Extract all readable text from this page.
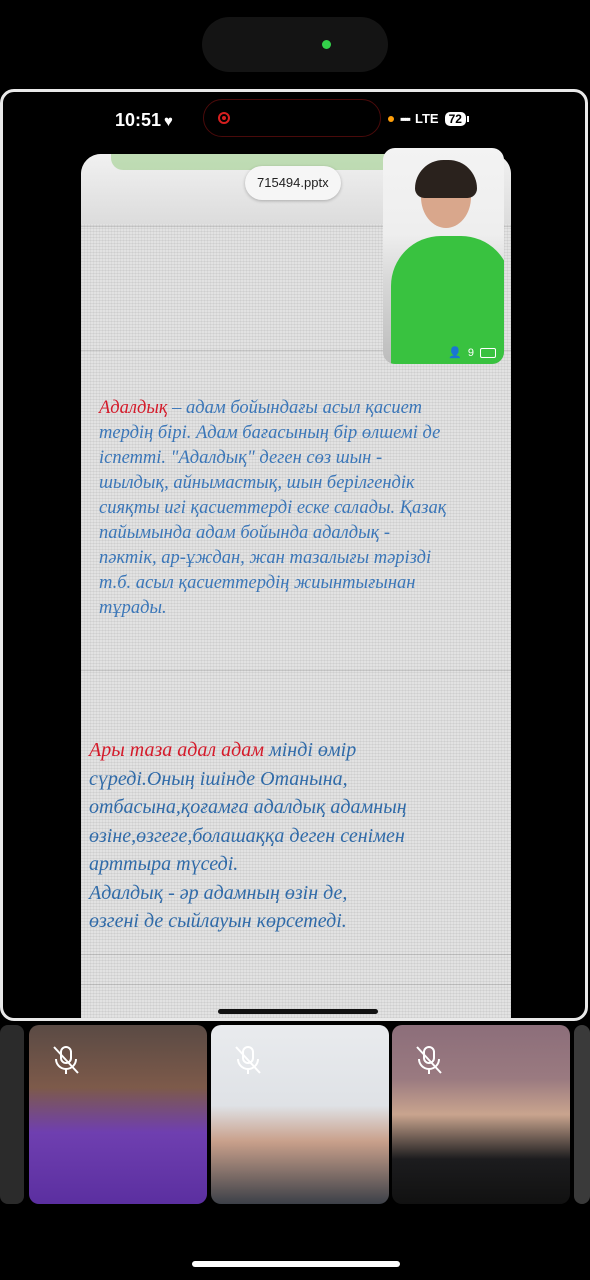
10:51 ♥	▪▪▪▪ LTE 72
715494.pptx
Адалдық – адам бойындағы асыл қасиет
тердің бірі. Адам бағасының бір өлшемі де
іспетті. "Адалдық" деген сөз шын -
шылдық, айнымастық, шын берілгендік
сияқты игі қасиеттерді еске салады. Қазақ
пайымында адам бойында адалдық -
пәктік, ар-ұждан, жан тазалығы тәрізді
т.б. асыл қасиеттердің жиынтығынан
тұрады.
Ары таза адал адам мінді өмір
сүреді.Оның ішінде Отанына,
отбасына,қоғамға адалдық адамның
өзіне,өзгеге,болашаққа деген сенімен
арттыра түседі.
Адалдық - әр адамның өзін де,
өзгені де сыйлауын көрсетеді.
👤 9
